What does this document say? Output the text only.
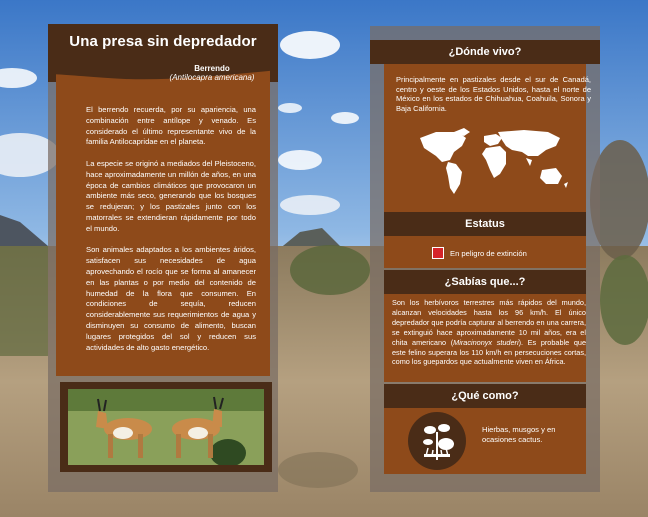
Una presa sin depredador
Berrendo
(Antilocapra americana)

El berrendo recuerda, por su apariencia, una combinación entre antílope y venado. Es considerado el último representante vivo de la familia Antilocapridae en el planeta.

La especie se originó a mediados del Pleistoceno, hace aproximadamente un millón de años, en una época de cambios climáticos que provocaron un ambiente más seco, generando que los bosques se redujeran; y los pastizales junto con los matorrales se extendieran rápidamente por todo el mundo.

Son animales adaptados a los ambientes áridos, satisfacen sus necesidades de agua aprovechando el rocío que se forma al amanecer en las plantas o por medio del contenido de humedad de la flora que consumen. En condiciones de sequía, reducen considerablemente sus requerimientos de agua y disminuyen su consumo de alimento, buscan lugares protegidos del sol y reducen sus actividades de alto gasto energético.

¿Dónde vivo?
Principalmente en pastizales desde el sur de Canadá, centro y oeste de los Estados Unidos, hasta el norte de México en los estados de Chihuahua, Coahuila, Sonora y Baja California.
Estatus
En peligro de extinción
¿Sabías que...?
Son los herbívoros terrestres más rápidos del mundo, alcanzan velocidades hasta los 96 km/h. El único depredador que podría capturar al berrendo en una carrera, se extinguió hace aproximadamente 10 mil años, era el chita americano (Miracinonyx studeri). Es probable que este felino superara los 110 km/h en persecuciones cortas, como los guepardos que actualmente viven en África.
¿Qué como?
Hierbas, musgos y en ocasiones cactus.
